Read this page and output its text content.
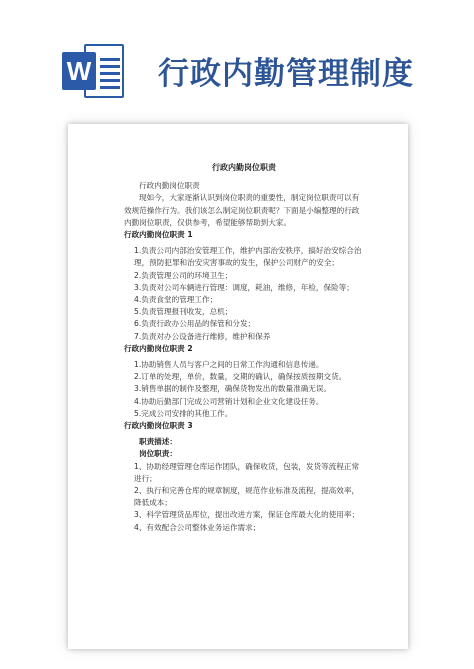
W 行政内勤管理制度

行政内勤岗位职责

行政内勤岗位职责

现如今，大家逐渐认识到岗位职责的重要性，制定岗位职责可以有效规范操作行为。我们该怎么制定岗位职责呢？下面是小编整理的行政内勤岗位职责，仅供参考，希望能够帮助到大家。

行政内勤岗位职责 1

1.负责公司内部治安管理工作，维护内部治安秩序，搞好治安综合治理，预防犯罪和治安灾害事故的发生，保护公司财产的安全；

2.负责管理公司的环境卫生；

3.负责对公司车辆进行管理：调度，耗油，维修，年检，保险等；

4.负责食堂的管理工作；

5.负责管理报刊收发，总机；

6.负责行政办公用品的保管和分发；

7.负责对办公设备进行维修，维护和保养

行政内勤岗位职责 2

1.协助销售人员与客户之间的日常工作沟通和信息传递。

2.订单的处理，单价，数量，交期的确认，确保按质按期交货。

3.销售单据的制作及整理，确保货物发出的数量准确无误。

4.协助后勤部门完成公司营销计划和企业文化建设任务。

5.完成公司安排的其他工作。

行政内勤岗位职责 3

职责描述：

岗位职责：

1、协助经理管理仓库运作团队，确保收货，包装，发货等流程正常进行；

2、执行和完善仓库的规章制度，规范作业标准及流程，提高效率，降低成本；

3、科学管理货品库位，提出改进方案，保证仓库最大化的使用率；

4、有效配合公司整体业务运作需求；
